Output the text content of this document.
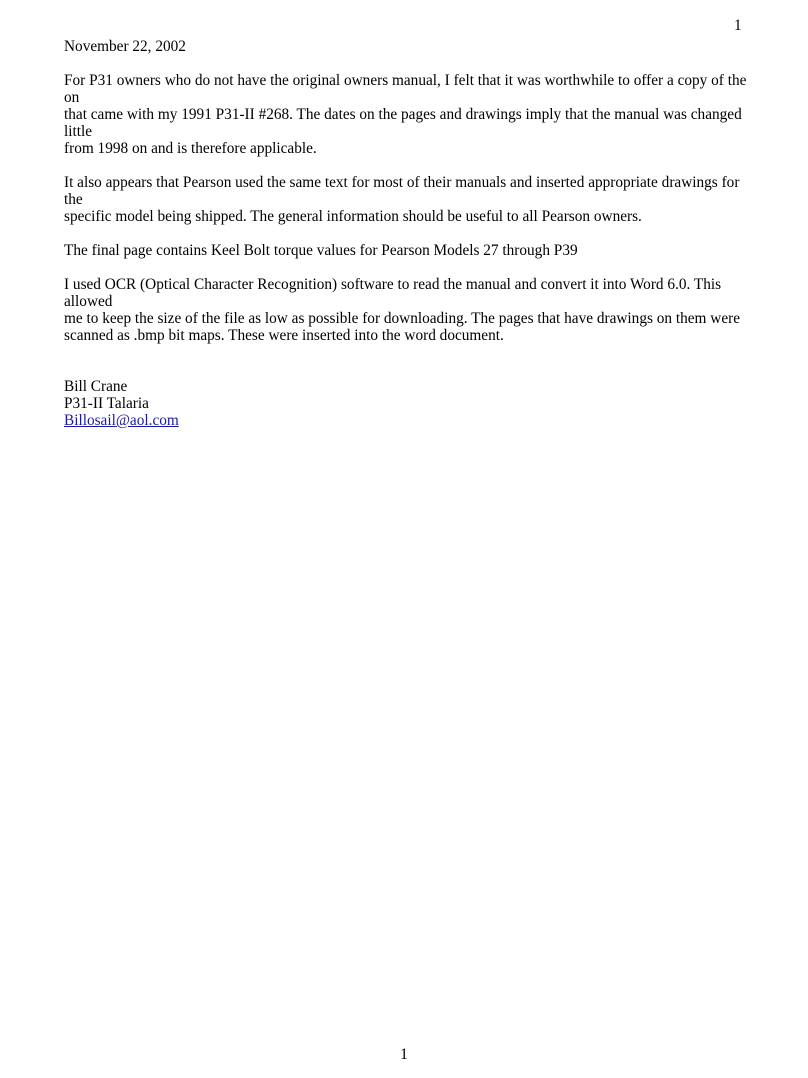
1

November 22, 2002

For P31 owners who do not have the original owners manual, I felt that it was worthwhile to offer a copy of the on
that came with my 1991 P31-II #268. The dates on the pages and drawings imply that the manual was changed little
from 1998 on and is therefore applicable.

It also appears that Pearson used the same text for most of their manuals and inserted appropriate drawings for the
specific model being shipped. The general information should be useful to all Pearson owners.

The final page contains Keel Bolt torque values for Pearson Models 27 through P39

I used OCR (Optical Character Recognition) software to read the manual and convert it into Word 6.0. This allowed
me to keep the size of the file as low as possible for downloading. The pages that have drawings on them were
scanned as .bmp bit maps. These were inserted into the word document.

Bill Crane

P31-II Talaria

Billosail@aol.com

1
